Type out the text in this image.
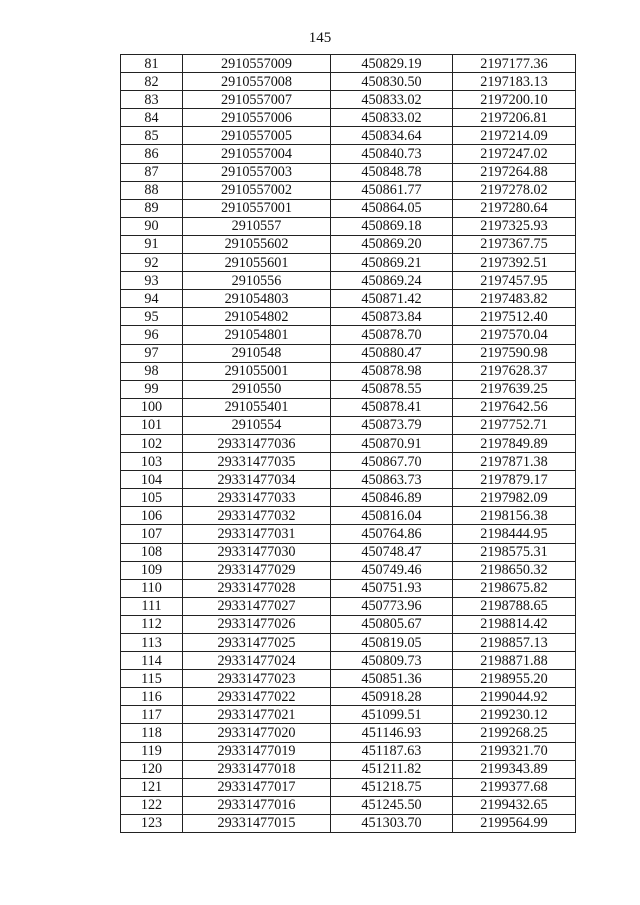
145
81	2910557009	450829.19	2197177.36
82	2910557008	450830.50	2197183.13
83	2910557007	450833.02	2197200.10
84	2910557006	450833.02	2197206.81
85	2910557005	450834.64	2197214.09
86	2910557004	450840.73	2197247.02
87	2910557003	450848.78	2197264.88
88	2910557002	450861.77	2197278.02
89	2910557001	450864.05	2197280.64
90	2910557	450869.18	2197325.93
91	291055602	450869.20	2197367.75
92	291055601	450869.21	2197392.51
93	2910556	450869.24	2197457.95
94	291054803	450871.42	2197483.82
95	291054802	450873.84	2197512.40
96	291054801	450878.70	2197570.04
97	2910548	450880.47	2197590.98
98	291055001	450878.98	2197628.37
99	2910550	450878.55	2197639.25
100	291055401	450878.41	2197642.56
101	2910554	450873.79	2197752.71
102	29331477036	450870.91	2197849.89
103	29331477035	450867.70	2197871.38
104	29331477034	450863.73	2197879.17
105	29331477033	450846.89	2197982.09
106	29331477032	450816.04	2198156.38
107	29331477031	450764.86	2198444.95
108	29331477030	450748.47	2198575.31
109	29331477029	450749.46	2198650.32
110	29331477028	450751.93	2198675.82
111	29331477027	450773.96	2198788.65
112	29331477026	450805.67	2198814.42
113	29331477025	450819.05	2198857.13
114	29331477024	450809.73	2198871.88
115	29331477023	450851.36	2198955.20
116	29331477022	450918.28	2199044.92
117	29331477021	451099.51	2199230.12
118	29331477020	451146.93	2199268.25
119	29331477019	451187.63	2199321.70
120	29331477018	451211.82	2199343.89
121	29331477017	451218.75	2199377.68
122	29331477016	451245.50	2199432.65
123	29331477015	451303.70	2199564.99
